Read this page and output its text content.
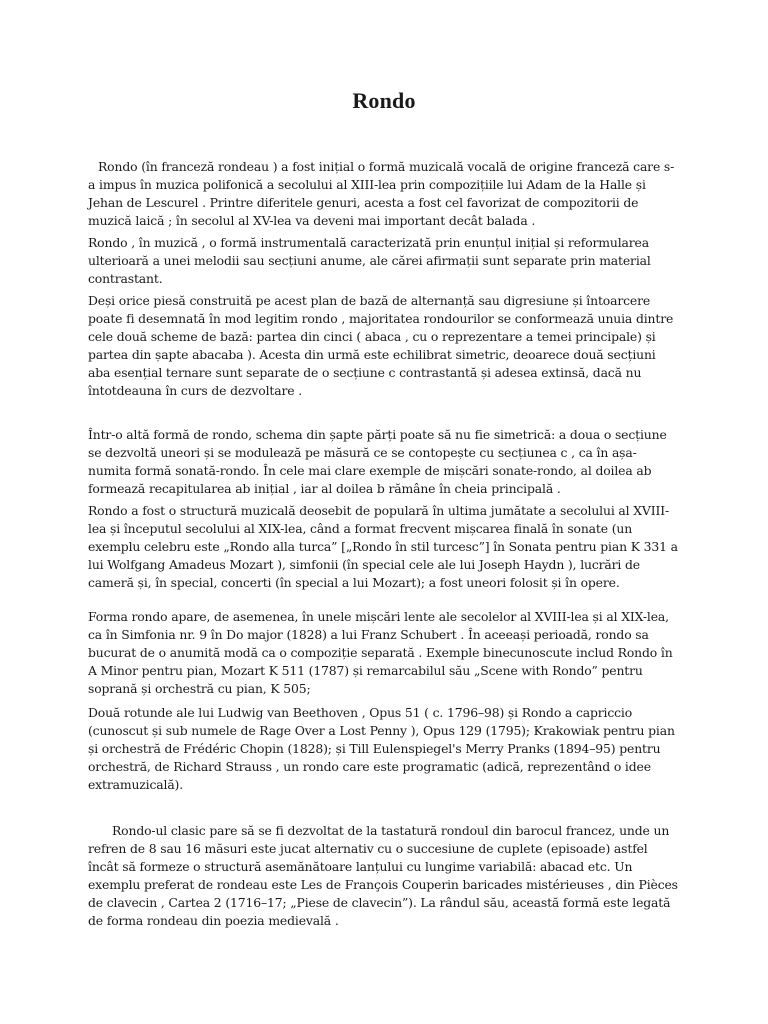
Rondo

Rondo (în franceză rondeau ) a fost inițial o formă muzicală vocală de origine franceză care s-a impus în muzica polifonică a secolului al XIII-lea prin compozițiile lui Adam de la Halle și Jehan de Lescurel . Printre diferitele genuri, acesta a fost cel favorizat de compozitorii de muzică laică ; în secolul al XV-lea va deveni mai important decât balada .

Rondo , în muzică , o formă instrumentală caracterizată prin enunțul inițial și reformularea ulterioară a unei melodii sau secțiuni anume, ale cărei afirmații sunt separate prin material contrastant.

Deși orice piesă construită pe acest plan de bază de alternanță sau digresiune și întoarcere poate fi desemnată în mod legitim rondo , majoritatea rondourilor se conformează unuia dintre cele două scheme de bază: partea din cinci ( abaca , cu o reprezentare a temei principale) și partea din șapte abacaba ). Acesta din urmă este echilibrat simetric, deoarece două secțiuni aba esențial ternare sunt separate de o secțiune c contrastantă și adesea extinsă, dacă nu întotdeauna în curs de dezvoltare .

Într-o altă formă de rondo, schema din șapte părți poate să nu fie simetrică: a doua o secțiune se dezvoltă uneori și se modulează pe măsură ce se contopește cu secțiunea c , ca în așa-numita formă sonată-rondo. În cele mai clare exemple de mișcări sonate-rondo, al doilea ab formează recapitularea ab inițial , iar al doilea b rămâne în cheia principală .

Rondo a fost o structură muzicală deosebit de populară în ultima jumătate a secolului al XVIII-lea și începutul secolului al XIX-lea, când a format frecvent mișcarea finală în sonate (un exemplu celebru este „Rondo alla turca” [„Rondo în stil turcesc”] în Sonata pentru pian K 331 a lui Wolfgang Amadeus Mozart ), simfonii (în special cele ale lui Joseph Haydn ), lucrări de cameră și, în special, concerti (în special a lui Mozart); a fost uneori folosit și în opere.

Forma rondo apare, de asemenea, în unele mișcări lente ale secolelor al XVIII-lea și al XIX-lea, ca în Simfonia nr. 9 în Do major (1828) a lui Franz Schubert . În aceeași perioadă, rondo sa bucurat de o anumită modă ca o compoziție separată . Exemple binecunoscute includ Rondo în A Minor pentru pian, Mozart K 511 (1787) și remarcabilul său „Scene with Rondo” pentru soprană și orchestră cu pian, K 505;

Două rotunde ale lui Ludwig van Beethoven , Opus 51 ( c. 1796–98) și Rondo a capriccio (cunoscut și sub numele de Rage Over a Lost Penny ), Opus 129 (1795); Krakowiak pentru pian și orchestră de Frédéric Chopin (1828); și Till Eulenspiegel's Merry Pranks (1894–95) pentru orchestră, de Richard Strauss , un rondo care este programatic (adică, reprezentând o idee extramuzicală).

Rondo-ul clasic pare să se fi dezvoltat de la tastatură rondoul din barocul francez, unde un refren de 8 sau 16 măsuri este jucat alternativ cu o succesiune de cuplete (episoade) astfel încât să formeze o structură asemănătoare lanțului cu lungime variabilă: abacad etc. Un exemplu preferat de rondeau este Les de François Couperin baricades mistérieuses , din Pièces de clavecin , Cartea 2 (1716–17; „Piese de clavecin”). La rândul său, această formă este legată de forma rondeau din poezia medievală .
